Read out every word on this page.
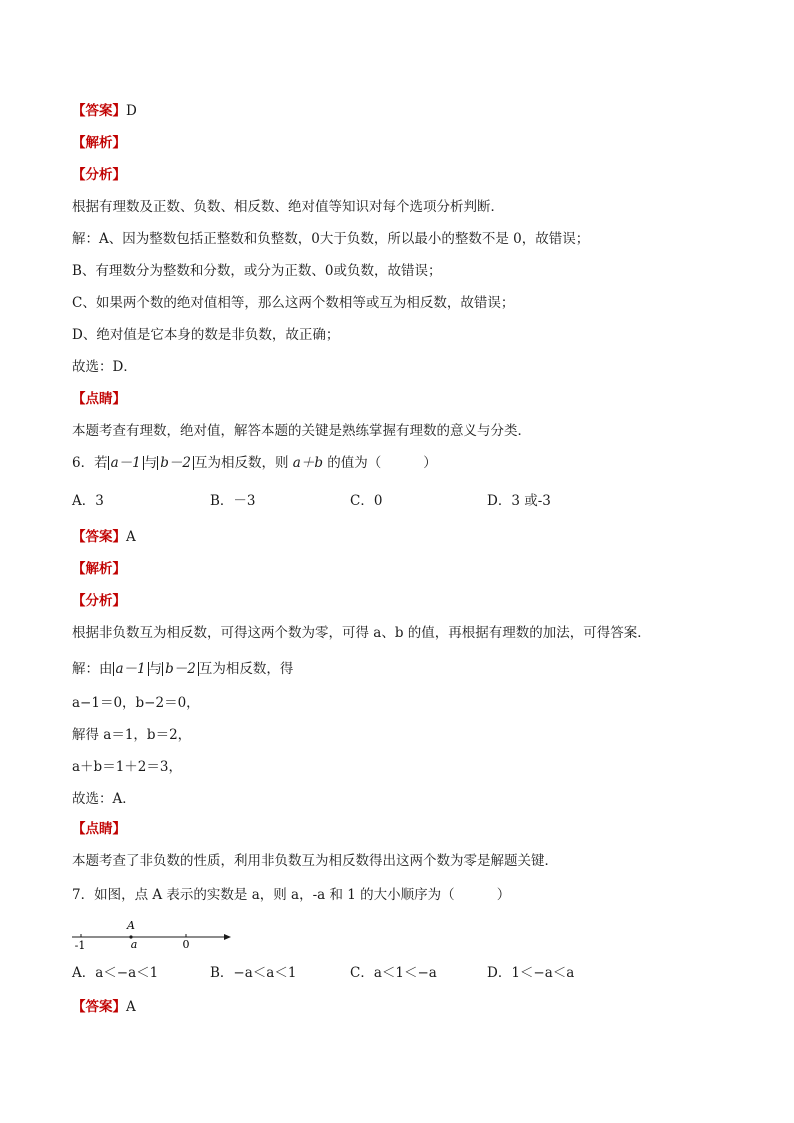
【答案】D
【解析】
【分析】
根据有理数及正数、负数、相反数、绝对值等知识对每个选项分析判断．
解：A、因为整数包括正整数和负整数，0大于负数，所以最小的整数不是 0，故错误；
B、有理数分为整数和分数，或分为正数、0或负数，故错误；
C、如果两个数的绝对值相等，那么这两个数相等或互为相反数，故错误；
D、绝对值是它本身的数是非负数，故正确；
故选：D．
【点睛】
本题考查有理数，绝对值，解答本题的关键是熟练掌握有理数的意义与分类．
6．若 a－1 与 b－2 互为相反数，则 a＋b 的值为（	）
A．3	B．－3	C．0	D．3 或-3
【答案】A
【解析】
【分析】
根据非负数互为相反数，可得这两个数为零，可得 a、b 的值，再根据有理数的加法，可得答案．
解：由 a－1 与 b－2 互为相反数，得
a−1＝0，b−2＝0，
解得 a＝1，b＝2，
a＋b＝1＋2＝3，
故选：A．
【点睛】
本题考查了非负数的性质，利用非负数互为相反数得出这两个数为零是解题关键．
7．如图，点 A 表示的实数是 a，则 a，-a 和 1 的大小顺序为（	）
A
-1	a	0
A．a＜−a＜1	B．−a＜a＜1	C．a＜1＜−a	D．1＜−a＜a
【答案】A
